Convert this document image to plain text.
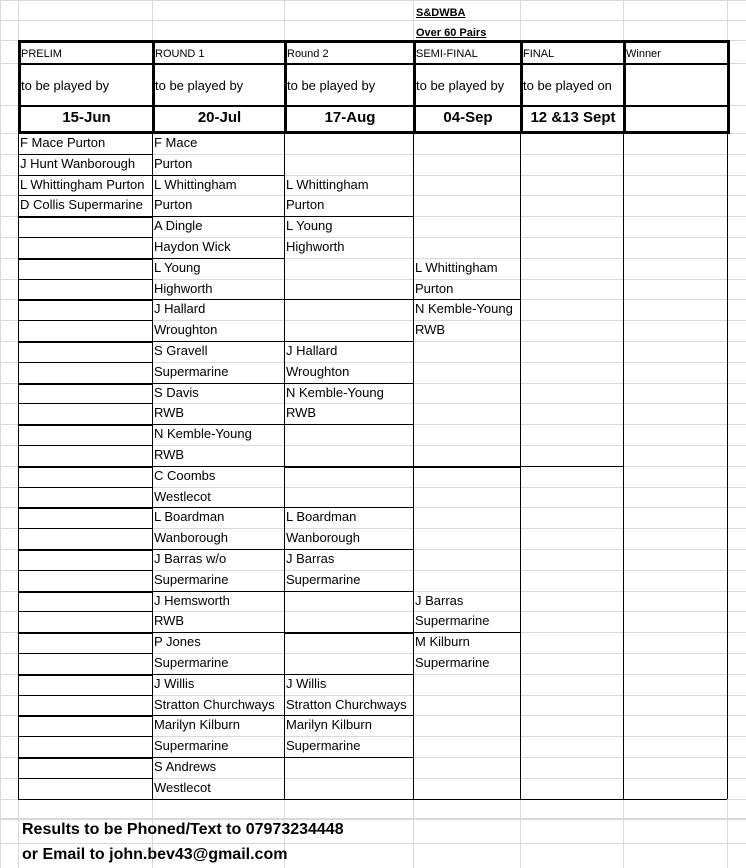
S&DWBA
Over 60 Pairs
PRELIM
to be played by
15-Jun
ROUND 1
to be played by
20-Jul
Round 2
to be played by
17-Aug
SEMI-FINAL
to be played by
04-Sep
FINAL
to be played on
12 &13 Sept
Winner
F Mace Purton
J Hunt Wanborough
L Whittingham Purton
D Collis Supermarine
F Mace
Purton
L Whittingham
Purton
A Dingle
Haydon Wick
L Young
Highworth
J Hallard
Wroughton
S Gravell
Supermarine
S Davis
RWB
N Kemble-Young
RWB
C Coombs
Westlecot
L Boardman
Wanborough
J Barras w/o
Supermarine
J Hemsworth
RWB
P Jones
Supermarine
J Willis
Stratton Churchways
Marilyn Kilburn
Supermarine
S Andrews
Westlecot
L Whittingham
Purton
L Young
Highworth
J Hallard
Wroughton
N Kemble-Young
RWB
L Boardman
Wanborough
J Barras
Supermarine
J Willis
Stratton Churchways
Marilyn Kilburn
Supermarine
L Whittingham
Purton
N Kemble-Young
RWB
J Barras
Supermarine
M Kilburn
Supermarine
Results to be Phoned/Text to 07973234448
or Email to john.bev43@gmail.com
